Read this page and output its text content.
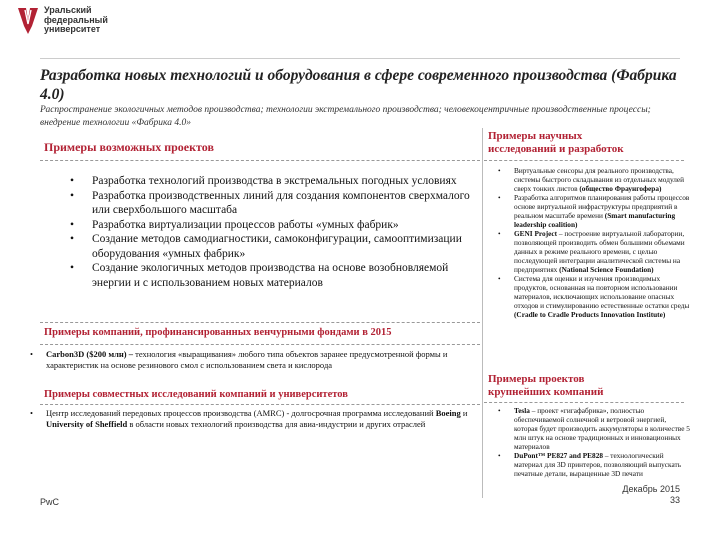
Уральский
федеральный
университет
Разработка новых технологий и оборудования в сфере современного производства (Фабрика 4.0)
Распространение экологичных методов производства; технологии экстремального производства; человекоцентричные производственные процессы; внедрение технологии «Фабрика 4.0»
Примеры возможных проектов
• Разработка технологий производства в экстремальных погодных условиях
• Разработка производственных линий для создания компонентов сверхмалого или сверхбольшого масштаба
• Разработка виртуализации процессов работы «умных фабрик»
• Создание методов самодиагностики, самоконфигурации, самооптимизации оборудования «умных фабрик»
• Создание экологичных методов производства на основе возобновляемой энергии и с использованием новых материалов
Примеры компаний, профинансированных венчурными фондами в 2015
• Carbon3D ($200 млн) – технология «выращивания» любого типа объектов заранее предусмотренной формы и характеристик на основе резинового смол с использованием света и кислорода
Примеры совместных исследований компаний и университетов
• Центр исследований передовых процессов производства (AMRC) - долгосрочная программа исследований Boeing и University of Sheffield в области новых технологий производства для авиа-индустрии и других отраслей
Примеры научных исследований и разработок
• Виртуальные сенсоры для реального производства, системы быстрого складывания из отдельных модулей сверх тонких листов (общество Фраунгофера)
• Разработка алгоритмов планирования работы процессов основе виртуальной инфраструктуры предприятий в реальном масштабе времени (Smart manufacturing leadership coalition)
• GENI Project – построение виртуальной лаборатории, позволяющей производить обмен большими объемами данных в режиме реального времени, с целью последующей интеграции аналитической системы на предприятиях (National Science Foundation)
• Система для оценки и изучения производимых продуктов, основанная на повторном использовании материалов, исключающих использование опасных отходов и стимулированию естественные остатки среды (Cradle to Cradle Products Innovation Institute)
Примеры проектов крупнейших компаний
• Tesla – проект «гигафабрика», полностью обеспечиваемой солнечной и ветровой энергией, которая будет производить аккумуляторы в количестве 5 млн штук на основе традиционных и инновационных материалов
• DuPont™ PE827 and PE828 – технологический материал для 3D принтеров, позволяющий выпускать печатные детали, выращенные 3D печати
PwC
Декабрь 2015
33
